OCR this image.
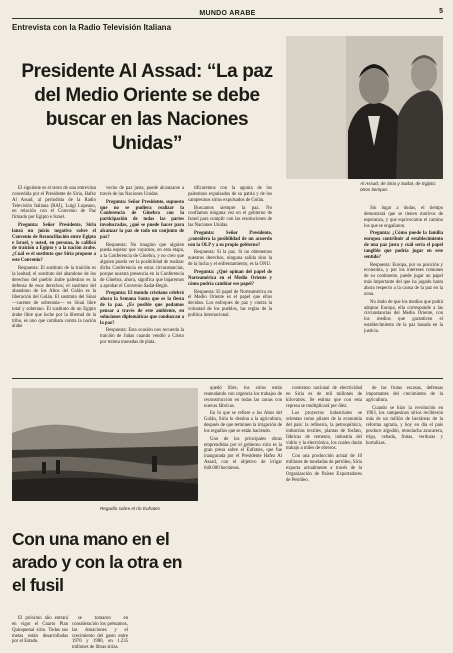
MUNDO ARABE	5
Entrevista con la Radio Televisión Italiana
Presidente Al Assad: “La paz del Medio Oriente se debe buscar en las Naciones Unidas”
Al Assad, de Siria y Sadat, de Egipto: otros tiempos

El siguiente es el texto de una entrevista concedida por el Presidente de Siria, Hafez Al Assad, al periodista de la Radio Televisión Italiana (RAI), Luigi Lupeano, en relación con el Convenio de Paz firmado por Egipto e Israel.

Pregunta: Señor Presidente, Siria lanzó un juicio negativo sobre el Convenio de Reconciliación entre Egipto e Israel, y usted, en persona, lo calificó de traición a Egipto y a la nación árabe. ¿Cuál es el sustituto que Siria propone a este Convenio?

Respuesta: El sustituto de la traición es la lealtad; el sustituto del abandono de los derechos del pueblo árabe palestino es la defensa de esos derechos; el sustituto del abandono de los Altos del Golán es la liberación del Golán. El sustituto del Sinai —carente de soberanía— es Sinai libre total y soberano. El sustituto de un Egipto árabe libre que luche por la libertad de la tribu, es uno que combata contra la nación árabe

vecho de paz justa, puede alcanzarse a través de las Naciones Unidas.

Pregunta: Señor Presidente, supuesto que no se pudiera realizar la Conferencia de Ginebra con la participación de todas las partes involucradas, ¿qué se puede hacer para alcanzar la paz de todo un conjunto de paz?

Respuesta: No imagino que alguien pueda esperar que vayamos, en esta etapa, a la Conferencia de Ginebra, y no creo que alguien pueda ver la posibilidad de realizar dicha Conferencia en estas circunstancias, porque nuestra presencia en la Conferencia de Ginebra, ahora, significa que bajaremos a aprobar el Convenio Sadat-Begin.

Pregunta: El mundo cristiano celebró ahora la Semana Santa que es la fiesta de la paz. ¿Es posible que podamos pensar a través de este ambiente, en soluciones diplomáticas que conduzcan a la paz?

Respuesta: Esta ocasión nos recuerda la traición de Judas cuando vendió a Cristo por treinta monedas de plata.

tificaremos con la agonía de los palestinos expulsados de su patria y de los campesinos sirios expulsados de Golán.

Buscamos siempre la paz. No confiamos ninguna vez en el gobierno de Israel para cumplir con las resoluciones de las Naciones Unidas.

Pregunta: Señor Presidente, ¿considera la posibilidad de un acuerdo con la OLP y a su propio gobierno?

Respuesta: Sí la paz. Si no obtenemos nuestros derechos, ninguna salida sino la de la lucha y el enfrentamiento, es la ONU.

Pregunta: ¿Qué opinan del papel de Norteamérica en el Medio Oriente y cómo podría cambiar ese papel?

Respuesta: El papel de Norteamérica en el Medio Oriente es el papel que ellos decidan. Los enfoques de paz y contra la voluntad de los pueblos, las reglas de la política internacional.

Sin lugar a dudas, el tiempo demostrará que se tienen motivos de esperanza, y que equivocaron el camino los que se engañaron.

Pregunta: ¿Cómo puede la familia europea contribuir al establecimiento de una paz justa y cuál sería el papel tangible que podría jugar en este sentido?

Respuesta: Europa, por su posición y economía, y por los intereses comunes de su continente, puede jugar un papel más importante del que ha jugado hasta ahora respecto a la causa de la paz en la zona.

No dudo de que los medios que podrá adoptar Europa, ella corresponde a las circunstancias del Medio Oriente, con los medios que garanticen el establecimiento de la paz basada en la justicia.

Regadío sobre el río Eufrates
Con una mano en el arado y con la otra en el fusil

El próximo año entrará en vigor el Cuarto Plan Quinquenal sirio. Todas sus metas están desarrolladas por el Estado.

se tomaron en consideración los préstamos, las donaciones y el crecimiento del gasto entre 1976 y 1980, en 1.235 millones de libras sirias.

quedó libre, los sirios están reanudando con urgencia los trabajos de reconstrucción en todas las zonas con nuevas fábricas.

En lo que se refiere a los Altos del Golán, Siria lo destina a la agricultura, después de que terminen la irrigación de los regadíos que se están haciendo.

Uno de los principales obras emprendidas por el gobierno sirio es la gran presa sobre el Eufrates, que fue inaugurada por el Presidente Hafez Al Assad, con el objetivo de irrigar 640.000 hectáreas.

comienzo nacional de electricidad en Siria es de mil millones de kilovatios. Se estima que con esta represa se multiplicará por diez.

Los proyectos industriales se orientan como pilares de la economía del país: la refinería, la petroquímica, industrias textiles, plantas de fosfato, fábricas de cemento, industria del vidrio y la electrónica, los cuales darán trabajo a miles de obreros.

Con una producción actual de 10 millones de toneladas de petróleo, Siria exporta actualmente a través de la Organización de Países Exportadores de Petróleo.

de las frutas escasas, defensas importantes del crecimiento de la agricultura.

Cuando se hizo la revolución en 1963, los campesinos sirios recibieron más de un millón de hectáreas de la reforma agraria, y hoy en día el país produce algodón, remolacha azucarera, trigo, cebada, frutas, verduras y hortalizas.
